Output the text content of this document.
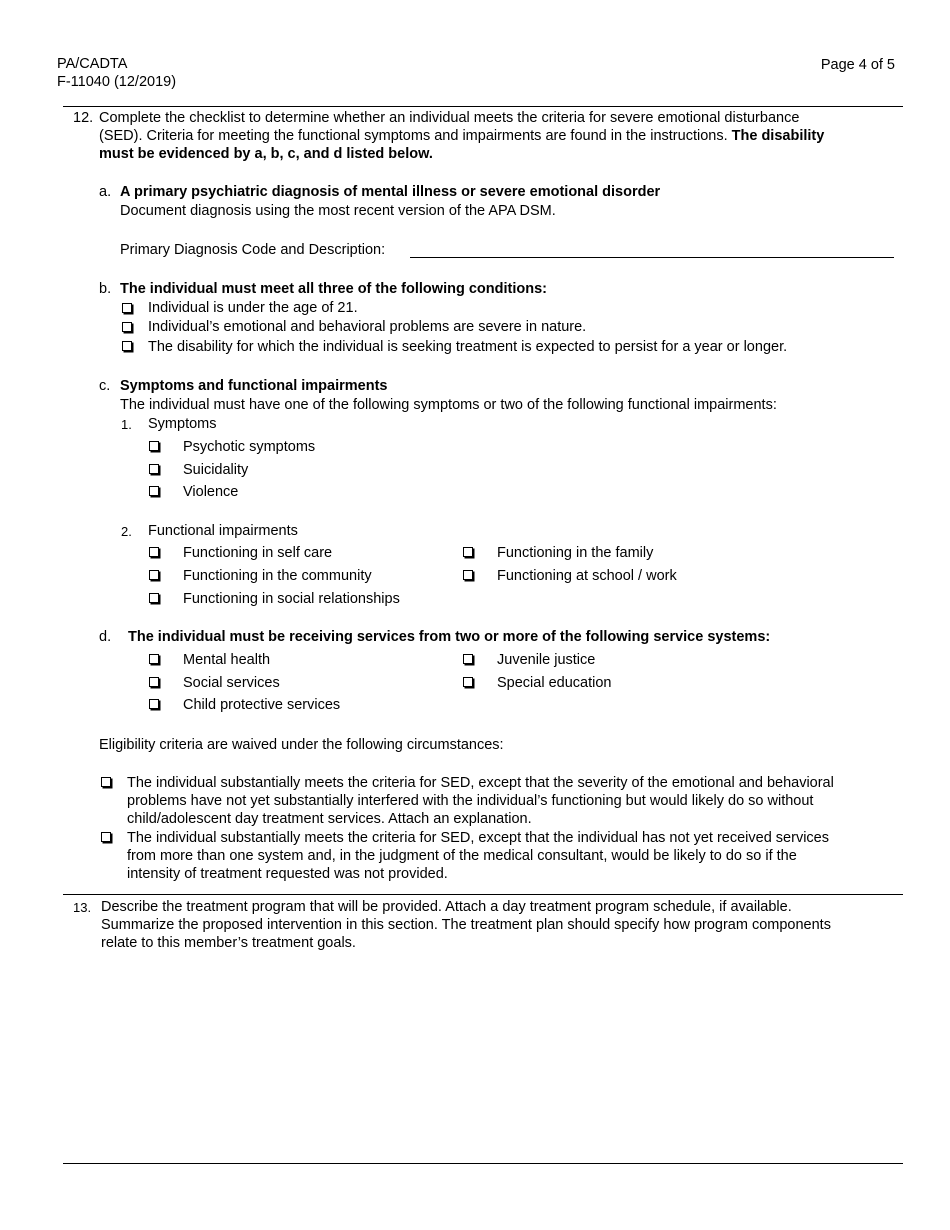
PA/CADTA
F-11040 (12/2019)
Page 4 of 5
12. Complete the checklist to determine whether an individual meets the criteria for severe emotional disturbance
(SED). Criteria for meeting the functional symptoms and impairments are found in the instructions. The disability
must be evidenced by a, b, c, and d listed below.
a. A primary psychiatric diagnosis of mental illness or severe emotional disorder
Document diagnosis using the most recent version of the APA DSM.
Primary Diagnosis Code and Description:
b. The individual must meet all three of the following conditions:
Individual is under the age of 21.
Individual’s emotional and behavioral problems are severe in nature.
The disability for which the individual is seeking treatment is expected to persist for a year or longer.
c. Symptoms and functional impairments
The individual must have one of the following symptoms or two of the following functional impairments:
1. Symptoms
Psychotic symptoms
Suicidality
Violence
2. Functional impairments
Functioning in self care
Functioning in the community
Functioning in social relationships
Functioning in the family
Functioning at school / work
d. The individual must be receiving services from two or more of the following service systems:
Mental health
Social services
Child protective services
Juvenile justice
Special education
Eligibility criteria are waived under the following circumstances:
The individual substantially meets the criteria for SED, except that the severity of the emotional and behavioral
problems have not yet substantially interfered with the individual’s functioning but would likely do so without
child/adolescent day treatment services. Attach an explanation.
The individual substantially meets the criteria for SED, except that the individual has not yet received services
from more than one system and, in the judgment of the medical consultant, would be likely to do so if the
intensity of treatment requested was not provided.
13. Describe the treatment program that will be provided. Attach a day treatment program schedule, if available.
Summarize the proposed intervention in this section. The treatment plan should specify how program components
relate to this member’s treatment goals.
